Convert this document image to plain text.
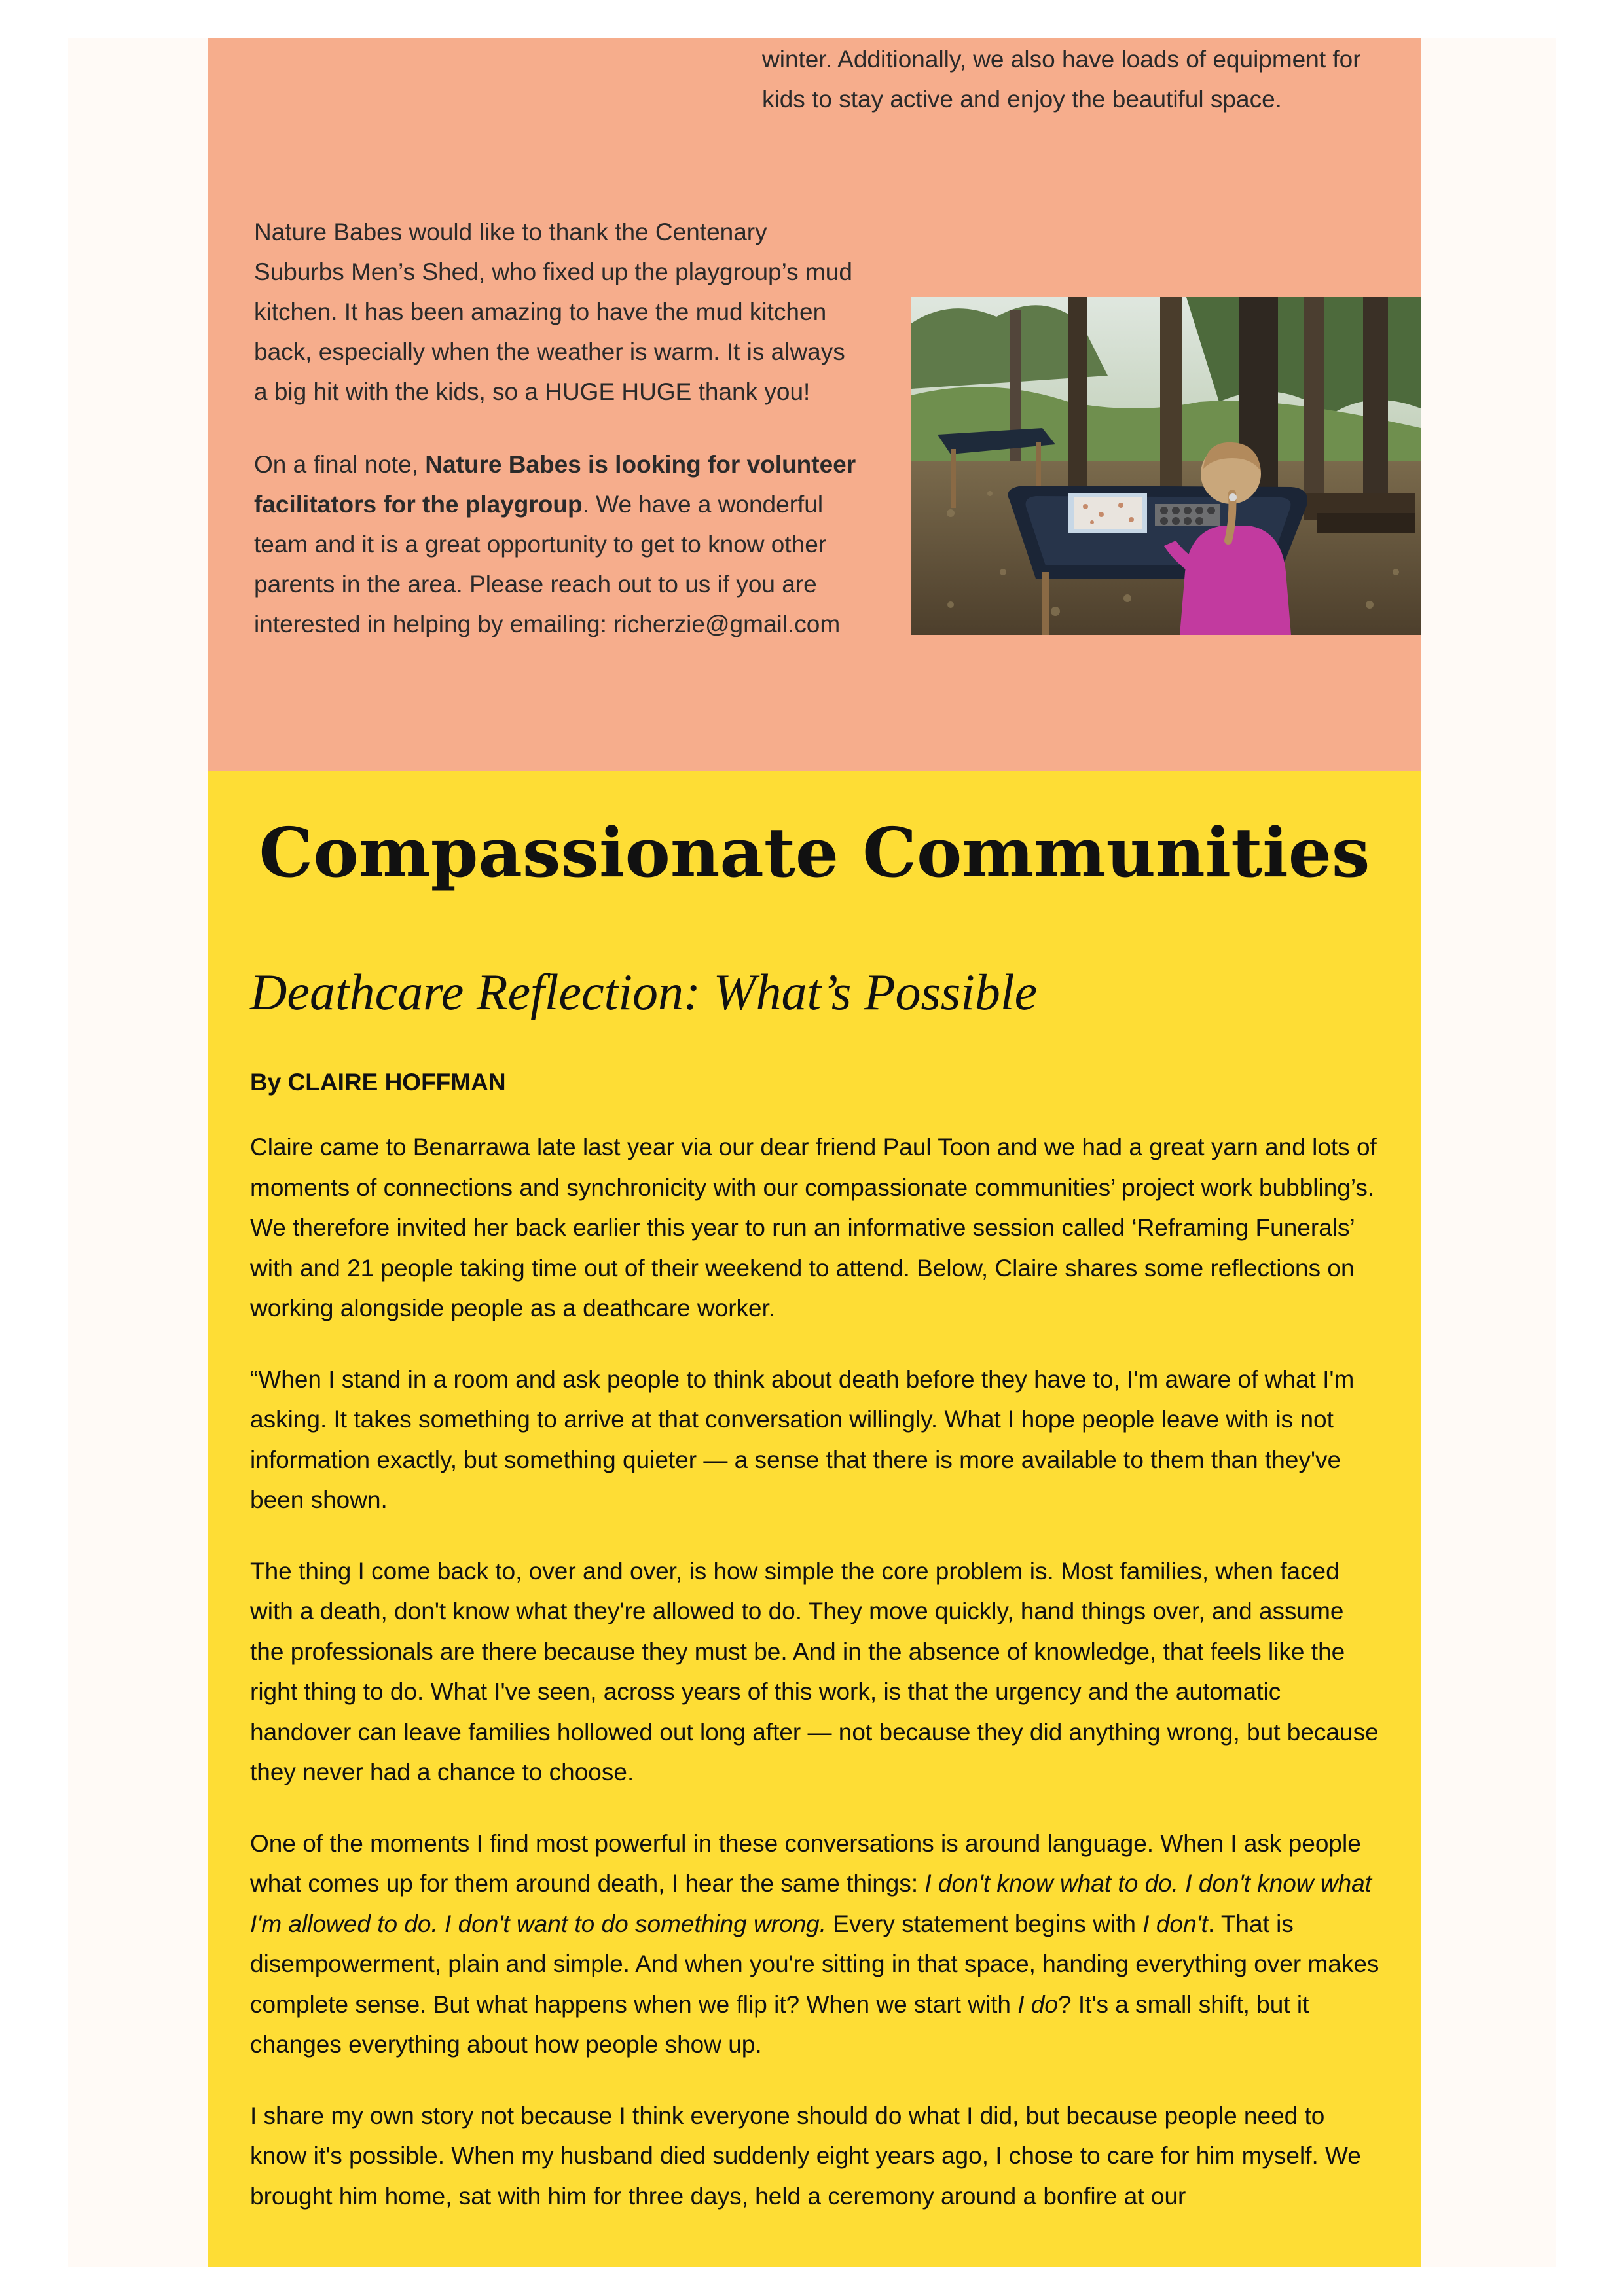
winter. Additionally, we also have loads of equipment for kids to stay active and enjoy the beautiful space.

Nature Babes would like to thank the Centenary Suburbs Men’s Shed, who fixed up the playgroup’s mud kitchen. It has been amazing to have the mud kitchen back, especially when the weather is warm. It is always a big hit with the kids, so a HUGE HUGE thank you!

On a final note, Nature Babes is looking for volunteer facilitators for the playgroup. We have a wonderful team and it is a great opportunity to get to know other parents in the area. Please reach out to us if you are interested in helping by emailing: richerzie@gmail.com

Compassionate Communities
Deathcare Reflection: What’s Possible

By CLAIRE HOFFMAN

Claire came to Benarrawa late last year via our dear friend Paul Toon and we had a great yarn and lots of moments of connections and synchronicity with our compassionate communities’ project work bubbling’s. We therefore invited her back earlier this year to run an informative session called ‘Reframing Funerals’ with and 21 people taking time out of their weekend to attend. Below, Claire shares some reflections on working alongside people as a deathcare worker.

“When I stand in a room and ask people to think about death before they have to, I'm aware of what I'm asking. It takes something to arrive at that conversation willingly. What I hope people leave with is not information exactly, but something quieter — a sense that there is more available to them than they've been shown.

The thing I come back to, over and over, is how simple the core problem is. Most families, when faced with a death, don't know what they're allowed to do. They move quickly, hand things over, and assume the professionals are there because they must be. And in the absence of knowledge, that feels like the right thing to do. What I've seen, across years of this work, is that the urgency and the automatic handover can leave families hollowed out long after — not because they did anything wrong, but because they never had a chance to choose.

One of the moments I find most powerful in these conversations is around language. When I ask people what comes up for them around death, I hear the same things: I don't know what to do. I don't know what I'm allowed to do. I don't want to do something wrong. Every statement begins with I don't. That is disempowerment, plain and simple. And when you're sitting in that space, handing everything over makes complete sense. But what happens when we flip it? When we start with I do? It's a small shift, but it changes everything about how people show up.

I share my own story not because I think everyone should do what I did, but because people need to know it's possible. When my husband died suddenly eight years ago, I chose to care for him myself. We brought him home, sat with him for three days, held a ceremony around a bonfire at our
